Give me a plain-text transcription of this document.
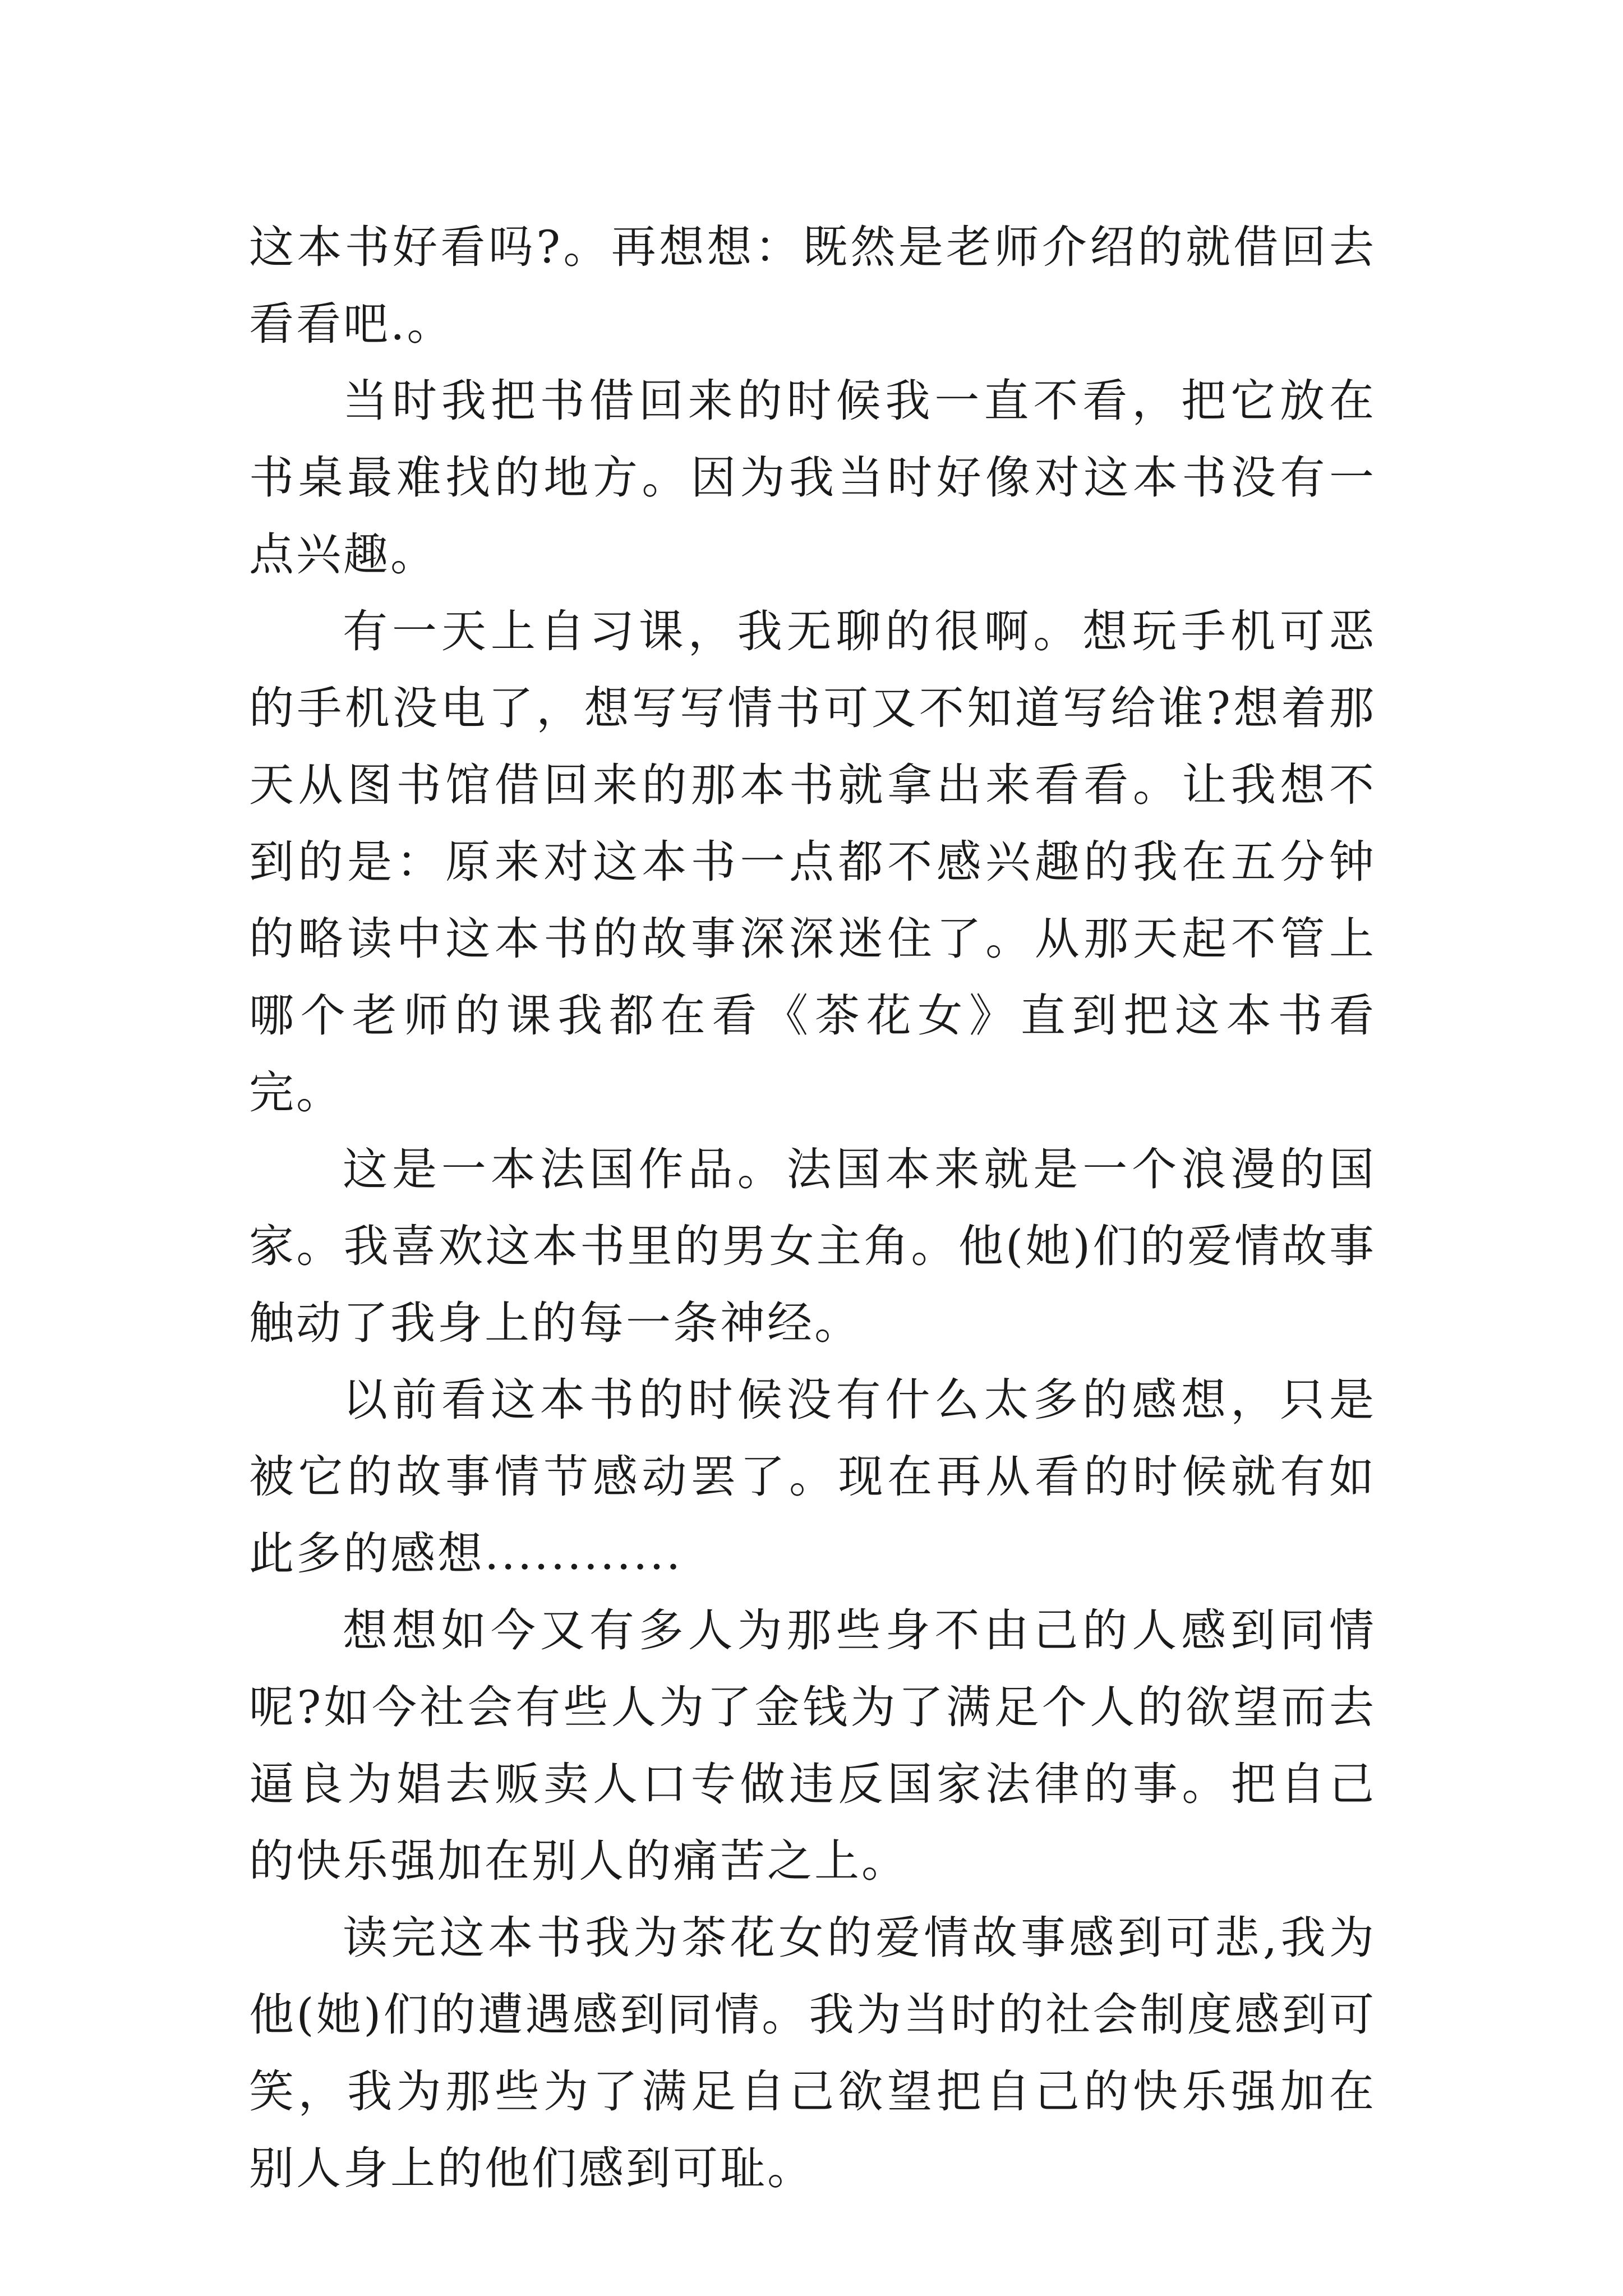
这本书好看吗?。再想想：既然是老师介绍的就借回去看看吧.。

当时我把书借回来的时候我一直不看，把它放在书桌最难找的地方。因为我当时好像对这本书没有一点兴趣。

有一天上自习课，我无聊的很啊。想玩手机可恶的手机没电了，想写写情书可又不知道写给谁?想着那天从图书馆借回来的那本书就拿出来看看。让我想不到的是：原来对这本书一点都不感兴趣的我在五分钟的略读中这本书的故事深深迷住了。从那天起不管上哪个老师的课我都在看《茶花女》直到把这本书看完。

这是一本法国作品。法国本来就是一个浪漫的国家。我喜欢这本书里的男女主角。他(她)们的爱情故事触动了我身上的每一条神经。

以前看这本书的时候没有什么太多的感想，只是被它的故事情节感动罢了。现在再从看的时候就有如此多的感想............

想想如今又有多人为那些身不由己的人感到同情呢?如今社会有些人为了金钱为了满足个人的欲望而去逼良为娼去贩卖人口专做违反国家法律的事。把自己的快乐强加在别人的痛苦之上。

读完这本书我为茶花女的爱情故事感到可悲,我为他(她)们的遭遇感到同情。我为当时的社会制度感到可笑，我为那些为了满足自己欲望把自己的快乐强加在别人身上的他们感到可耻。
